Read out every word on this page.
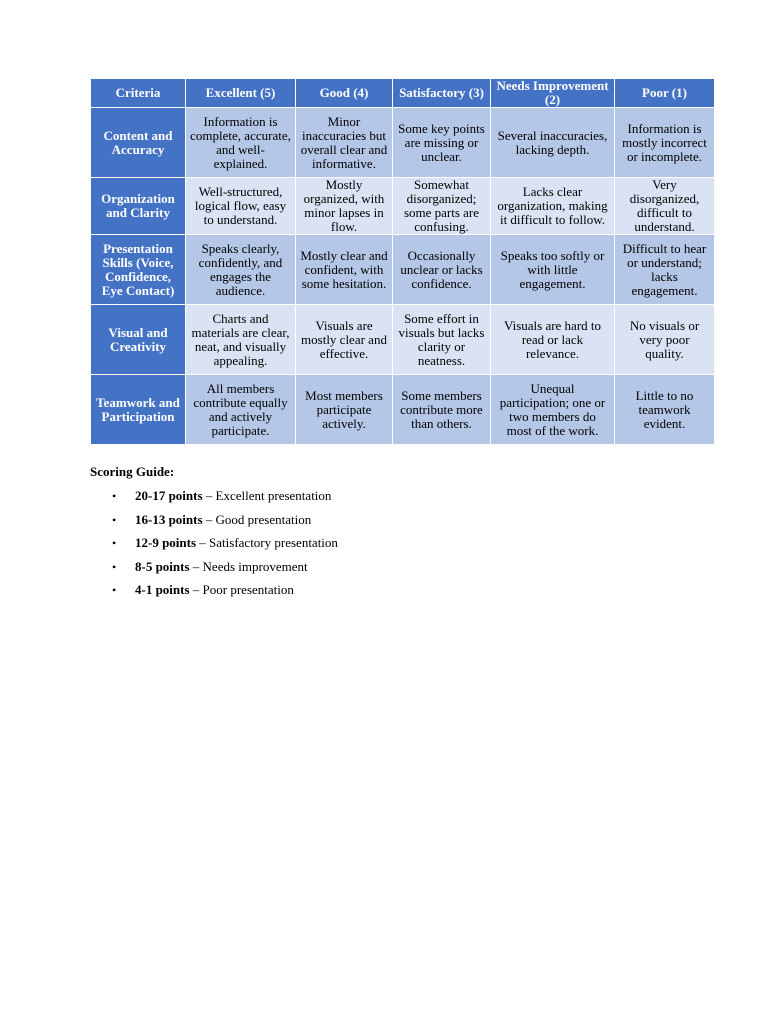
Criteria	Excellent (5)	Good (4)	Satisfactory (3)	Needs Improvement (2)	Poor (1)
Content and Accuracy	Information is complete, accurate, and well-explained.	Minor inaccuracies but overall clear and informative.	Some key points are missing or unclear.	Several inaccuracies, lacking depth.	Information is mostly incorrect or incomplete.
Organization and Clarity	Well-structured, logical flow, easy to understand.	Mostly organized, with minor lapses in flow.	Somewhat disorganized; some parts are confusing.	Lacks clear organization, making it difficult to follow.	Very disorganized, difficult to understand.
Presentation Skills (Voice, Confidence, Eye Contact)	Speaks clearly, confidently, and engages the audience.	Mostly clear and confident, with some hesitation.	Occasionally unclear or lacks confidence.	Speaks too softly or with little engagement.	Difficult to hear or understand; lacks engagement.
Visual and Creativity	Charts and materials are clear, neat, and visually appealing.	Visuals are mostly clear and effective.	Some effort in visuals but lacks clarity or neatness.	Visuals are hard to read or lack relevance.	No visuals or very poor quality.
Teamwork and Participation	All members contribute equally and actively participate.	Most members participate actively.	Some members contribute more than others.	Unequal participation; one or two members do most of the work.	Little to no teamwork evident.

Scoring Guide:

• 20-17 points – Excellent presentation
• 16-13 points – Good presentation
• 12-9 points – Satisfactory presentation
• 8-5 points – Needs improvement
• 4-1 points – Poor presentation
